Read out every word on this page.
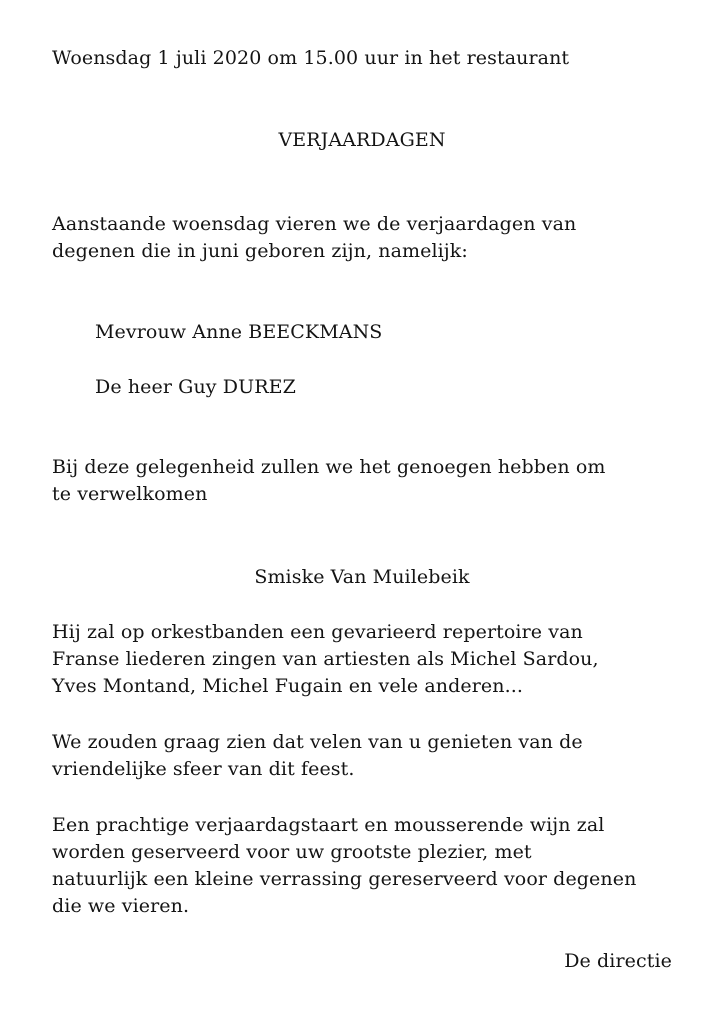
Woensdag 1 juli 2020 om 15.00 uur in het restaurant
VERJAARDAGEN
Aanstaande woensdag vieren we de verjaardagen van
degenen die in juni geboren zijn, namelijk:
Mevrouw Anne BEECKMANS
De heer Guy DUREZ
Bij deze gelegenheid zullen we het genoegen hebben om
te verwelkomen
Smiske Van Muilebeik
Hij zal op orkestbanden een gevarieerd repertoire van
Franse liederen zingen van artiesten als Michel Sardou,
Yves Montand, Michel Fugain en vele anderen...
We zouden graag zien dat velen van u genieten van de
vriendelijke sfeer van dit feest.
Een prachtige verjaardagstaart en mousserende wijn zal
worden geserveerd voor uw grootste plezier, met
natuurlijk een kleine verrassing gereserveerd voor degenen
die we vieren.
De directie
